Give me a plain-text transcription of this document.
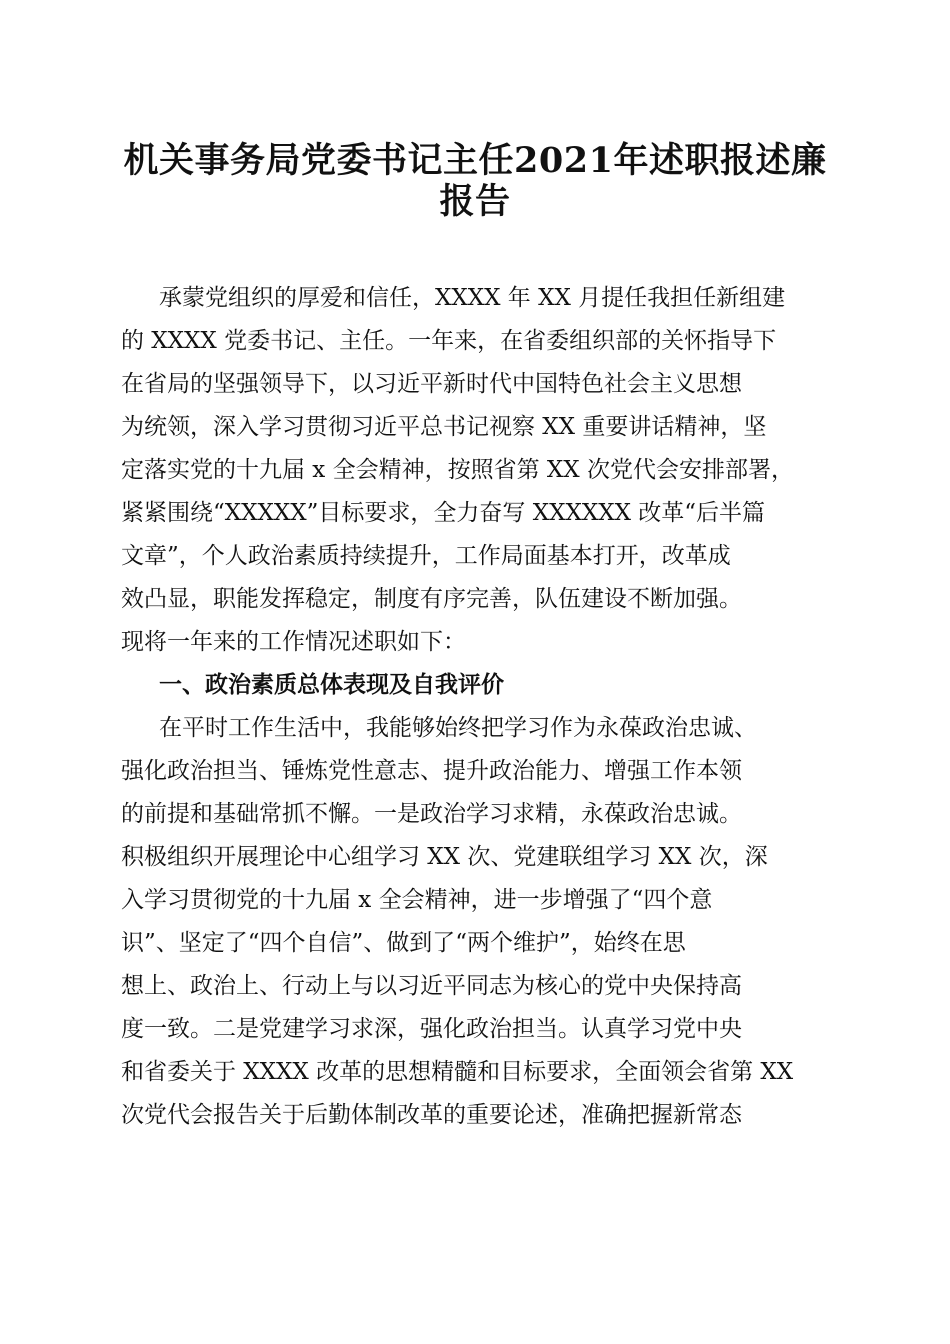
机关事务局党委书记主任2021年述职报述廉
报告
承蒙党组织的厚爱和信任，XXXX 年 XX 月提任我担任新组建
的 XXXX 党委书记、主任。一年来，在省委组织部的关怀指导下
在省局的坚强领导下，以习近平新时代中国特色社会主义思想
为统领，深入学习贯彻习近平总书记视察 XX 重要讲话精神，坚
定落实党的十九届 x 全会精神，按照省第 XX 次党代会安排部署，
紧紧围绕“XXXXX”目标要求，全力奋写 XXXXXX 改革“后半篇
文章”，个人政治素质持续提升，工作局面基本打开，改革成
效凸显，职能发挥稳定，制度有序完善，队伍建设不断加强。
现将一年来的工作情况述职如下：
一、政治素质总体表现及自我评价
在平时工作生活中，我能够始终把学习作为永葆政治忠诚、
强化政治担当、锤炼党性意志、提升政治能力、增强工作本领
的前提和基础常抓不懈。一是政治学习求精，永葆政治忠诚。
积极组织开展理论中心组学习 XX 次、党建联组学习 XX 次，深
入学习贯彻党的十九届 x 全会精神，进一步增强了“四个意
识”、坚定了“四个自信”、做到了“两个维护”，始终在思
想上、政治上、行动上与以习近平同志为核心的党中央保持高
度一致。二是党建学习求深，强化政治担当。认真学习党中央
和省委关于 XXXX 改革的思想精髓和目标要求，全面领会省第 XX
次党代会报告关于后勤体制改革的重要论述，准确把握新常态
